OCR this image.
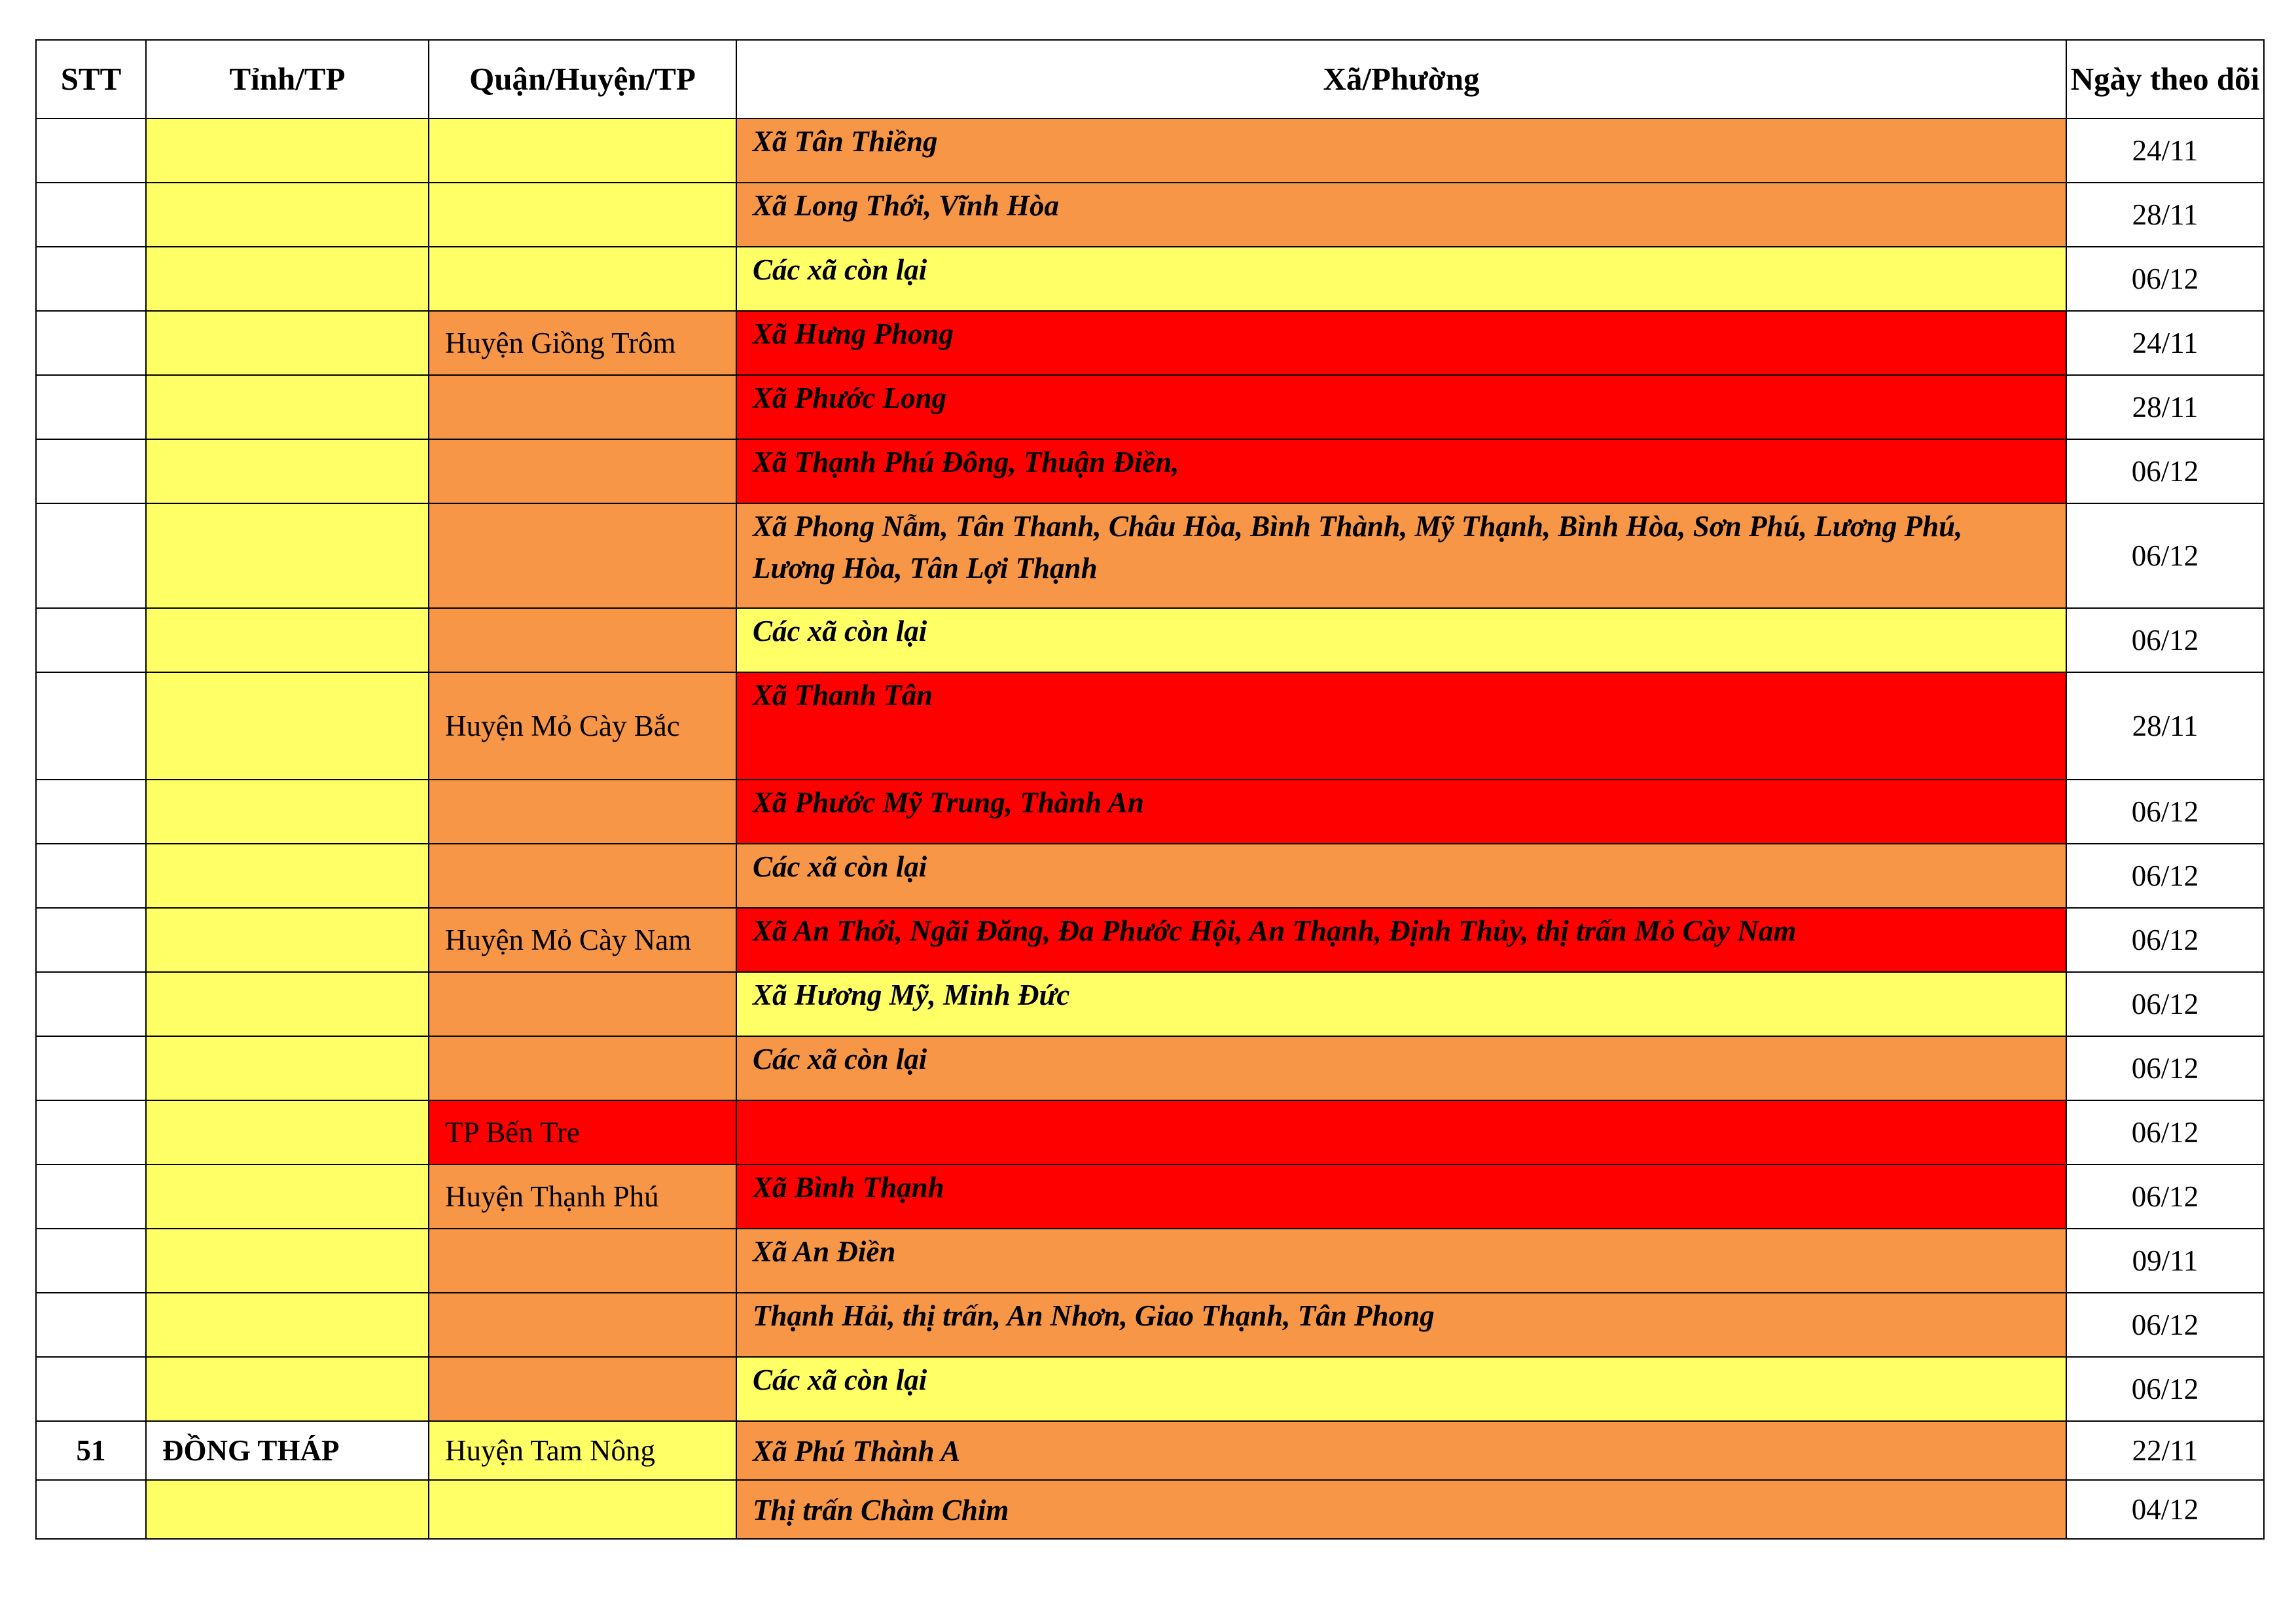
STT	Tỉnh/TP	Quận/Huyện/TP	Xã/Phường	Ngày theo dõi
			Xã Tân Thiềng	24/11
			Xã Long Thới, Vĩnh Hòa	28/11
			Các xã còn lại	06/12
		Huyện Giồng Trôm	Xã Hưng Phong	24/11
			Xã Phước Long	28/11
			Xã Thạnh Phú Đông, Thuận Điền,	06/12
			Xã Phong Nẫm, Tân Thanh, Châu Hòa, Bình Thành, Mỹ Thạnh, Bình Hòa, Sơn Phú, Lương Phú, Lương Hòa, Tân Lợi Thạnh	06/12
			Các xã còn lại	06/12
		Huyện Mỏ Cày Bắc	Xã Thanh Tân	28/11
			Xã Phước Mỹ Trung, Thành An	06/12
			Các xã còn lại	06/12
		Huyện Mỏ Cày Nam	Xã An Thới, Ngãi Đăng, Đa Phước Hội, An Thạnh, Định Thủy, thị trấn Mỏ Cày Nam	06/12
			Xã Hương Mỹ, Minh Đức	06/12
			Các xã còn lại	06/12
		TP Bến Tre		06/12
		Huyện Thạnh Phú	Xã Bình Thạnh	06/12
			Xã An Điền	09/11
			Thạnh Hải, thị trấn, An Nhơn, Giao Thạnh, Tân Phong	06/12
			Các xã còn lại	06/12
51	ĐỒNG THÁP	Huyện Tam Nông	Xã Phú Thành A	22/11
			Thị trấn Chàm Chim	04/12
